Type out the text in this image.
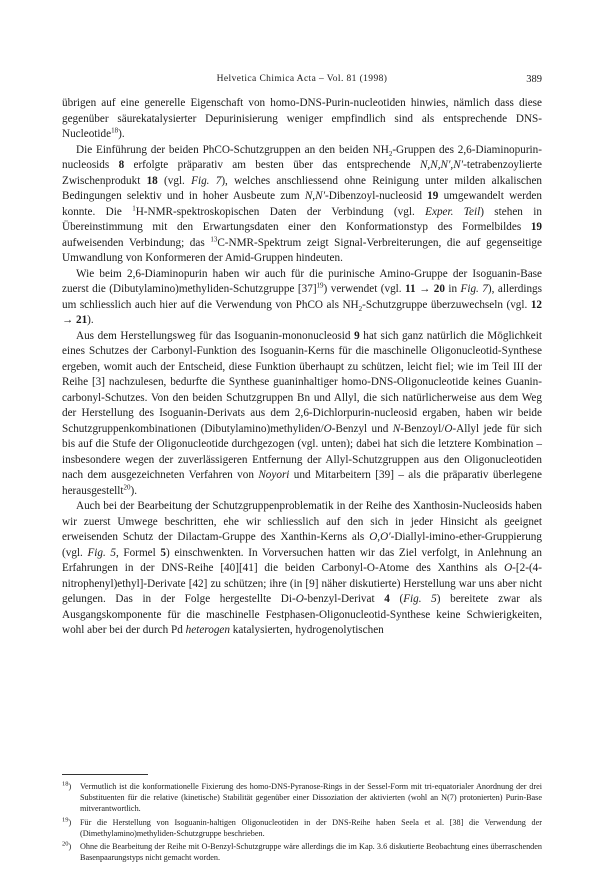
Helvetica Chimica Acta – Vol. 81 (1998)	389

übrigen auf eine generelle Eigenschaft von homo-DNS-Purin-nucleotiden hinwies, nämlich dass diese gegenüber säurekatalysierter Depurinisierung weniger empfindlich sind als entsprechende DNS-Nucleotide$^{18}$).

Die Einführung der beiden PhCO-Schutzgruppen an den beiden $NH_2$-Gruppen des 2,6-Diaminopurin-nucleosids 8 erfolgte präparativ am besten über das entsprechende N,N,N′,N′-tetrabenzoylierte Zwischenprodukt 18 (vgl. Fig. 7), welches anschliessend ohne Reinigung unter milden alkalischen Bedingungen selektiv und in hoher Ausbeute zum N,N′-Dibenzoyl-nucleosid 19 umgewandelt werden konnte. Die $^1$H-NMR-spektroskopischen Daten der Verbindung (vgl. Exper. Teil) stehen in Übereinstimmung mit den Erwartungsdaten einer den Konformationstyp des Formelbildes 19 aufweisenden Verbindung; das $^{13}$C-NMR-Spektrum zeigt Signal-Verbreiterungen, die auf gegenseitige Umwandlung von Konformeren der Amid-Gruppen hindeuten.

Wie beim 2,6-Diaminopurin haben wir auch für die purinische Amino-Gruppe der Isoguanin-Base zuerst die (Dibutylamino)methyliden-Schutzgruppe $[37]^{19}$) verwendet (vgl. 11 → 20 in Fig. 7), allerdings um schliesslich auch hier auf die Verwendung von PhCO als $NH_2$-Schutzgruppe überzuwechseln (vgl. 12 → 21).

Aus dem Herstellungsweg für das Isoguanin-mononucleosid 9 hat sich ganz natürlich die Möglichkeit eines Schutzes der Carbonyl-Funktion des Isoguanin-Kerns für die maschinelle Oligonucleotid-Synthese ergeben, womit auch der Entscheid, diese Funktion überhaupt zu schützen, leicht fiel; wie im Teil III der Reihe [3] nachzulesen, bedurfte die Synthese guaninhaltiger homo-DNS-Oligonucleotide keines Guanin-carbonyl-Schutzes. Von den beiden Schutzgruppen Bn und Allyl, die sich natürlicherweise aus dem Weg der Herstellung des Isoguanin-Derivats aus dem 2,6-Dichlorpurin-nucleosid ergaben, haben wir beide Schutzgruppenkombinationen (Dibutylamino)methyliden/O-Benzyl und N-Benzoyl/O-Allyl jede für sich bis auf die Stufe der Oligonucleotide durchgezogen (vgl. unten); dabei hat sich die letztere Kombination – insbesondere wegen der zuverlässigeren Entfernung der Allyl-Schutzgruppen aus den Oligonucleotiden nach dem ausgezeichneten Verfahren von Noyori und Mitarbeitern [39] – als die präparativ überlegene herausgestellt$^{20}$).

Auch bei der Bearbeitung der Schutzgruppenproblematik in der Reihe des Xanthosin-Nucleosids haben wir zuerst Umwege beschritten, ehe wir schliesslich auf den sich in jeder Hinsicht als geeignet erweisenden Schutz der Dilactam-Gruppe des Xanthin-Kerns als O,O′-Diallyl-imino-ether-Gruppierung (vgl. Fig. 5, Formel 5) einschwenkten. In Vorversuchen hatten wir das Ziel verfolgt, in Anlehnung an Erfahrungen in der DNS-Reihe [40][41] die beiden Carbonyl-O-Atome des Xanthins als O-[2-(4-nitrophenyl)ethyl]-Derivate [42] zu schützen; ihre (in [9] näher diskutierte) Herstellung war uns aber nicht gelungen. Das in der Folge hergestellte Di-O-benzyl-Derivat 4 (Fig. 5) bereitete zwar als Ausgangskomponente für die maschinelle Festphasen-Oligonucleotid-Synthese keine Schwierigkeiten, wohl aber bei der durch Pd heterogen katalysierten, hydrogenolytischen

$^{18}$) Vermutlich ist die konformationelle Fixierung des homo-DNS-Pyranose-Rings in der Sessel-Form mit tri-equatorialer Anordnung der drei Substituenten für die relative (kinetische) Stabilität gegenüber einer Dissoziation der aktivierten (wohl an N(7) protonierten) Purin-Base mitverantwortlich.
$^{19}$) Für die Herstellung von Isoguanin-haltigen Oligonucleotiden in der DNS-Reihe haben Seela et al. [38] die Verwendung der (Dimethylamino)methyliden-Schutzgruppe beschrieben.
$^{20}$) Ohne die Bearbeitung der Reihe mit O-Benzyl-Schutzgruppe wäre allerdings die im Kap. 3.6 diskutierte Beobachtung eines überraschenden Basenpaarungstyps nicht gemacht worden.
